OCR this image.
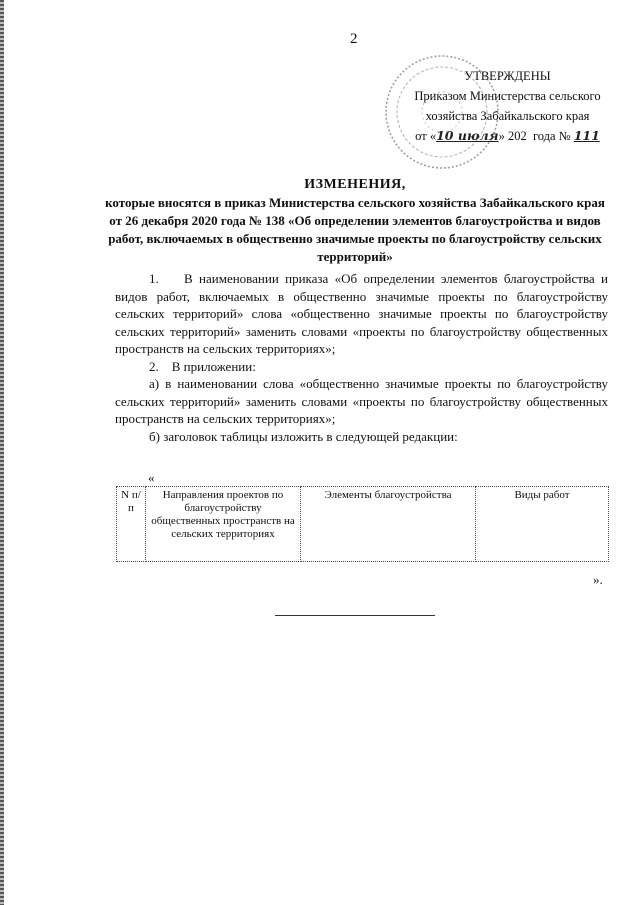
2
УТВЕРЖДЕНЫ
Приказом Министерства сельского
хозяйства Забайкальского края
от «10 июля» 202 года № 111
ИЗМЕНЕНИЯ,
которые вносятся в приказ Министерства сельского хозяйства Забайкальского края от 26 декабря 2020 года № 138 «Об определении элементов благоустройства и видов работ, включаемых в общественно значимые проекты по благоустройству сельских территорий»

1.    В наименовании приказа «Об определении элементов благоустройства и видов работ, включаемых в общественно значимые проекты по благоустройству сельских территорий» слова «общественно значимые проекты по благоустройству сельских территорий» заменить словами «проекты по благоустройству общественных пространств на сельских территориях»;

2.    В приложении:

а) в наименовании слова «общественно значимые проекты по благоустройству сельских территорий» заменить словами «проекты по благоустройству общественных пространств на сельских территориях»;

б) заголовок таблицы изложить в следующей редакции:

«
N п/п	Направления проектов по благоустройству общественных пространств на сельских территориях	Элементы благоустройства	Виды работ
».
